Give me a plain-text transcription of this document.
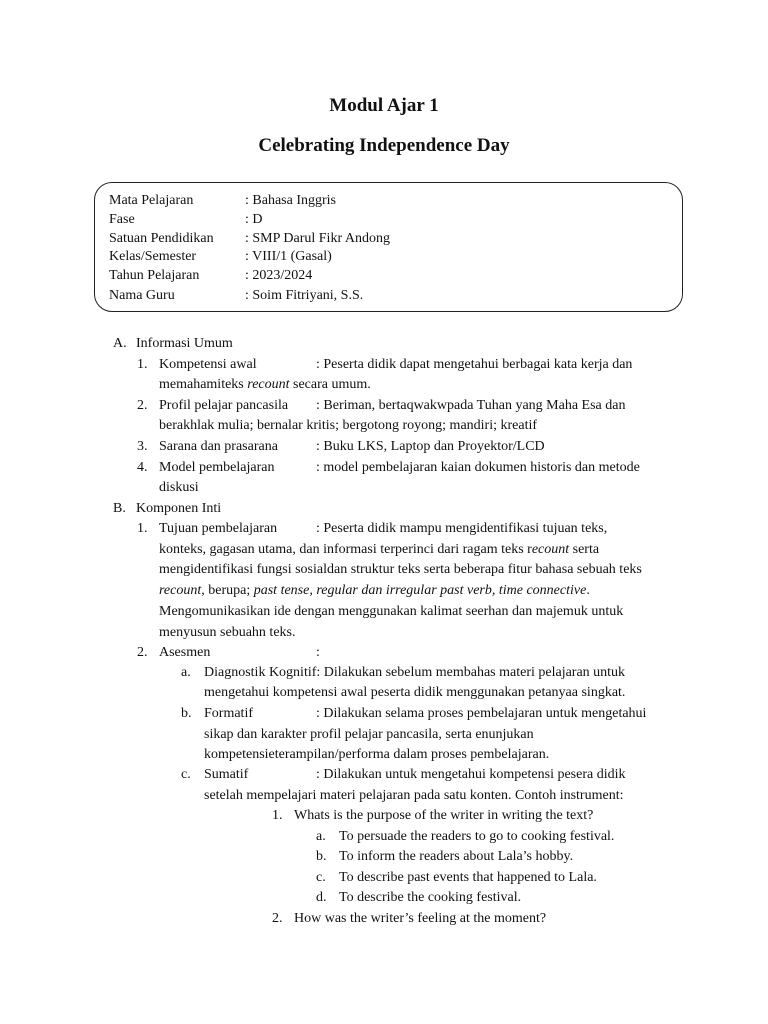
Modul Ajar 1
Celebrating Independence Day
Mata Pelajaran	: Bahasa Inggris
Fase	: D
Satuan Pendidikan : SMP Darul Fikr Andong
Kelas/Semester	: VIII/1 (Gasal)
Tahun Pelajaran	: 2023/2024
Nama Guru	: Soim Fitriyani, S.S.
A. Informasi Umum
1. Kompetensi awal	: Peserta didik dapat mengetahui berbagai kata kerja dan
memahamiteks recount secara umum.
2. Profil pelajar pancasila : Beriman, bertaqwakwpada Tuhan yang Maha Esa dan
berakhlak mulia; bernalar kritis; bergotong royong; mandiri; kreatif
3. Sarana dan prasarana	: Buku LKS, Laptop dan Proyektor/LCD
4. Model pembelajaran	: model pembelajaran kaian dokumen historis dan metode
diskusi
B. Komponen Inti
1. Tujuan pembelajaran	: Peserta didik mampu mengidentifikasi tujuan teks,
konteks, gagasan utama, dan informasi terperinci dari ragam teks recount serta
mengidentifikasi fungsi sosialdan struktur teks serta beberapa fitur bahasa sebuah teks
recount, berupa; past tense, regular dan irregular past verb, time connective.
Mengomunikasikan ide dengan menggunakan kalimat seerhan dan majemuk untuk
menyusun sebuahn teks.
2. Asesmen	:
a. Diagnostik Kognitif: Dilakukan sebelum membahas materi pelajaran untuk
mengetahui kompetensi awal peserta didik menggunakan petanyaa singkat.
b. Formatif	: Dilakukan selama proses pembelajaran untuk mengetahui
sikap dan karakter profil pelajar pancasila, serta enunjukan
kompetensieterampilan/performa dalam proses pembelajaran.
c. Sumatif	: Dilakukan untuk mengetahui kompetensi pesera didik
setelah mempelajari materi pelajaran pada satu konten. Contoh instrument:
1. Whats is the purpose of the writer in writing the text?
a. To persuade the readers to go to cooking festival.
b. To inform the readers about Lala’s hobby.
c. To describe past events that happened to Lala.
d. To describe the cooking festival.
2. How was the writer’s feeling at the moment?
